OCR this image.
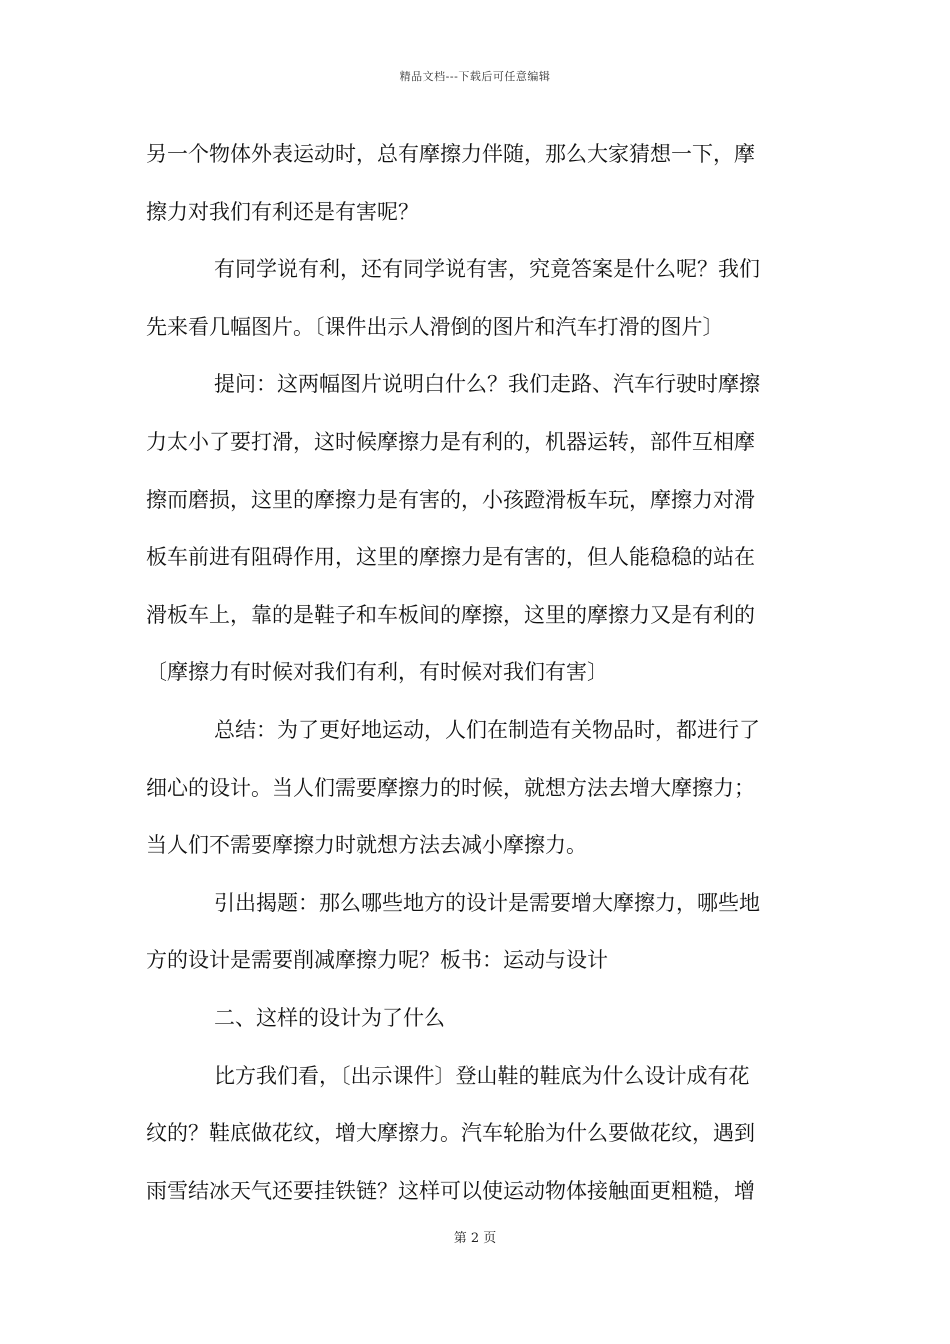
精品文档---下载后可任意编辑
另一个物体外表运动时，总有摩擦力伴随，那么大家猜想一下，摩
擦力对我们有利还是有害呢？
有同学说有利，还有同学说有害，究竟答案是什么呢？我们
先来看几幅图片。〔课件出示人滑倒的图片和汽车打滑的图片〕
提问：这两幅图片说明白什么？我们走路、汽车行驶时摩擦
力太小了要打滑，这时候摩擦力是有利的，机器运转，部件互相摩
擦而磨损，这里的摩擦力是有害的，小孩蹬滑板车玩，摩擦力对滑
板车前进有阻碍作用，这里的摩擦力是有害的，但人能稳稳的站在
滑板车上，靠的是鞋子和车板间的摩擦，这里的摩擦力又是有利的
〔摩擦力有时候对我们有利，有时候对我们有害〕
总结：为了更好地运动，人们在制造有关物品时，都进行了
细心的设计。当人们需要摩擦力的时候，就想方法去增大摩擦力；
当人们不需要摩擦力时就想方法去减小摩擦力。
引出揭题：那么哪些地方的设计是需要增大摩擦力，哪些地
方的设计是需要削减摩擦力呢？板书：运动与设计
二、这样的设计为了什么
比方我们看，〔出示课件〕登山鞋的鞋底为什么设计成有花
纹的？鞋底做花纹，增大摩擦力。汽车轮胎为什么要做花纹，遇到
雨雪结冰天气还要挂铁链？这样可以使运动物体接触面更粗糙，增
第 2 页
